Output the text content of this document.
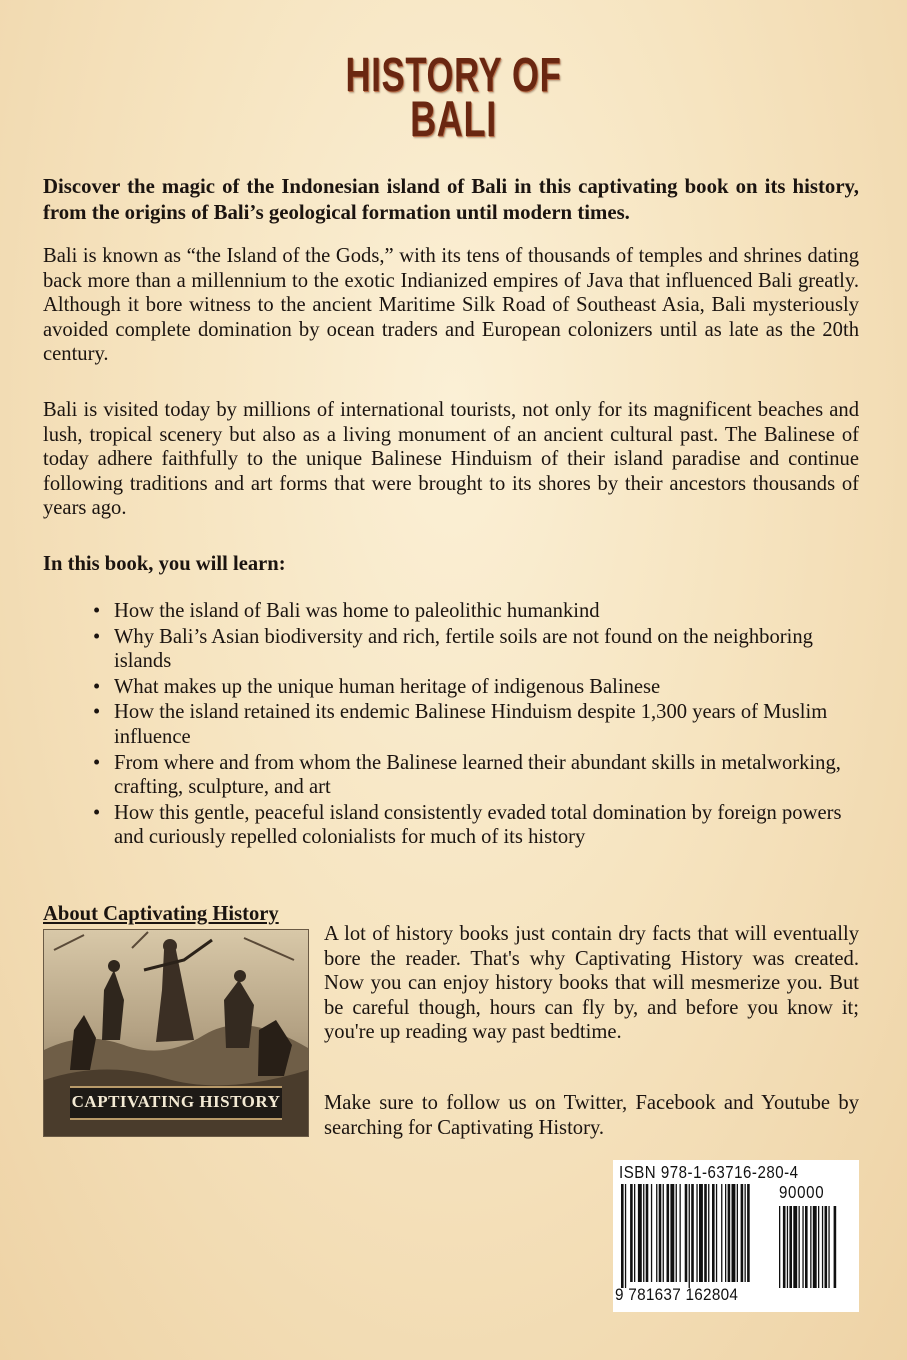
HISTORY OF
BALI

Discover the magic of the Indonesian island of Bali in this captivating book on its history, from the origins of Bali’s geological formation until modern times.

Bali is known as “the Island of the Gods,” with its tens of thousands of temples and shrines dating back more than a millennium to the exotic Indianized empires of Java that influenced Bali greatly. Although it bore witness to the ancient Maritime Silk Road of Southeast Asia, Bali mysteriously avoided complete domination by ocean traders and European colonizers until as late as the 20th century.

Bali is visited today by millions of international tourists, not only for its magnificent beaches and lush, tropical scenery but also as a living monument of an ancient cultural past. The Balinese of today adhere faithfully to the unique Balinese Hinduism of their island paradise and continue following traditions and art forms that were brought to its shores by their ancestors thousands of years ago.

In this book, you will learn:

• How the island of Bali was home to paleolithic humankind
• Why Bali’s Asian biodiversity and rich, fertile soils are not found on the neighboring islands
• What makes up the unique human heritage of indigenous Balinese
• How the island retained its endemic Balinese Hinduism despite 1,300 years of Muslim influence
• From where and from whom the Balinese learned their abundant skills in metalworking, crafting, sculpture, and art
• How this gentle, peaceful island consistently evaded total domination by foreign powers and curiously repelled colonialists for much of its history

About Captivating History

CAPTIVATING HISTORY

A lot of history books just contain dry facts that will eventually bore the reader. That's why Captivating History was created. Now you can enjoy history books that will mesmerize you. But be careful though, hours can fly by, and before you know it; you're up reading way past bedtime.

Make sure to follow us on Twitter, Facebook and Youtube by searching for Captivating History.

ISBN 978-1-63716-280-4
90000
9 781637 162804
